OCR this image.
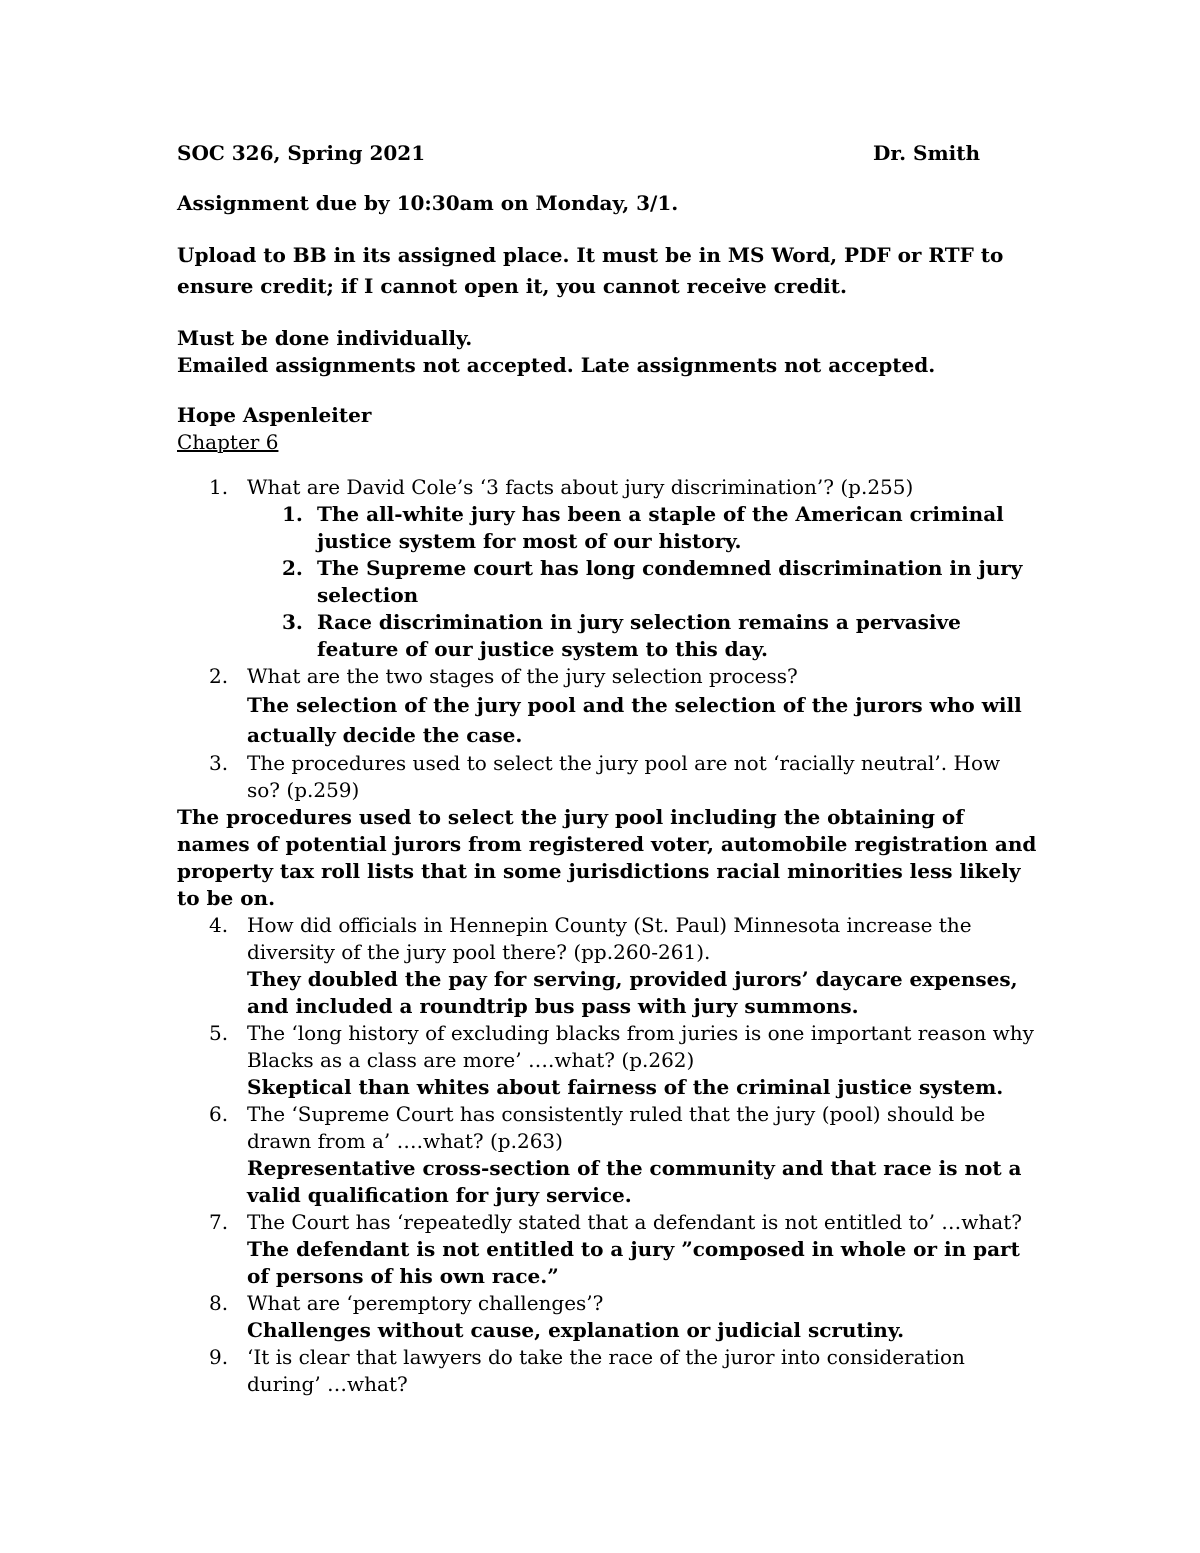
SOC 326, Spring 2021	Dr. Smith

Assignment due by 10:30am on Monday, 3/1.

Upload to BB in its assigned place. It must be in MS Word, PDF or RTF to ensure credit; if I cannot open it, you cannot receive credit.

Must be done individually.
Emailed assignments not accepted. Late assignments not accepted.

Hope Aspenleiter
Chapter 6
1. What are David Cole’s ‘3 facts about jury discrimination’? (p.255)
1. The all-white jury has been a staple of the American criminal justice system for most of our history.
2. The Supreme court has long condemned discrimination in jury selection
3. Race discrimination in jury selection remains a pervasive feature of our justice system to this day.
2. What are the two stages of the jury selection process?
The selection of the jury pool and the selection of the jurors who will actually decide the case.
3. The procedures used to select the jury pool are not ‘racially neutral’. How so? (p.259)
The procedures used to select the jury pool including the obtaining of names of potential jurors from registered voter, automobile registration and property tax roll lists that in some jurisdictions racial minorities less likely to be on.
4. How did officials in Hennepin County (St. Paul) Minnesota increase the diversity of the jury pool there? (pp.260-261).
They doubled the pay for serving, provided jurors’ daycare expenses, and included a roundtrip bus pass with jury summons.
5. The ‘long history of excluding blacks from juries is one important reason why Blacks as a class are more’ ….what? (p.262)
Skeptical than whites about fairness of the criminal justice system.
6. The ‘Supreme Court has consistently ruled that the jury (pool) should be drawn from a’ ….what? (p.263)
Representative cross-section of the community and that race is not a valid qualification for jury service.
7. The Court has ‘repeatedly stated that a defendant is not entitled to’ …what?
The defendant is not entitled to a jury ”composed in whole or in part of persons of his own race.”
8. What are ‘peremptory challenges’?
Challenges without cause, explanation or judicial scrutiny.
9. ‘It is clear that lawyers do take the race of the juror into consideration during’ …what?
